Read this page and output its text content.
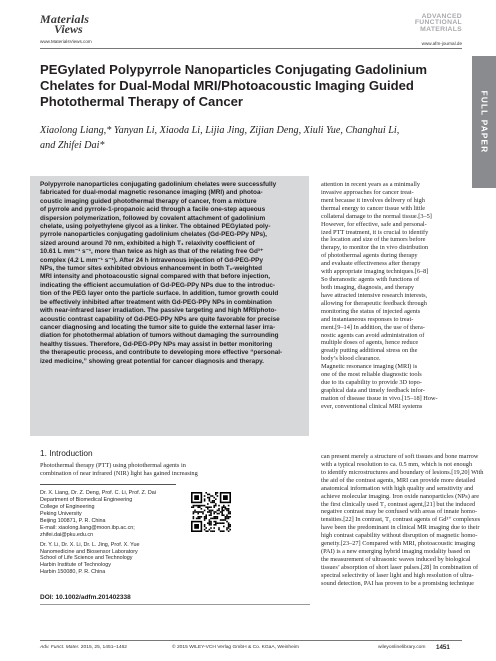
Materials
Views
www.MaterialsViews.com
ADVANCED
FUNCTIONAL
MATERIALS
www.afm-journal.de
FULL PAPER
PEGylated Polypyrrole Nanoparticles Conjugating Gadolinium Chelates for Dual-Modal MRI/Photoacoustic Imaging Guided Photothermal Therapy of Cancer
Xiaolong Liang,* Yanyan Li, Xiaoda Li, Lijia Jing, Zijian Deng, Xiuli Yue, Changhui Li,
and Zhifei Dai*
Polypyrrole nanoparticles conjugating gadolinium chelates were successfully
fabricated for dual-modal magnetic resonance imaging (MRI) and photoa-
coustic imaging guided photothermal therapy of cancer, from a mixture
of pyrrole and pyrrole-1-propanoic acid through a facile one-step aqueous
dispersion polymerization, followed by covalent attachment of gadolinium
chelate, using polyethylene glycol as a linker. The obtained PEGylated poly-
pyrrole nanoparticles conjugating gadolinium chelates (Gd-PEG-PPy NPs),
sized around around 70 nm, exhibited a high T₁ relaxivity coefficient of
10.61 L mm⁻¹ s⁻¹, more than twice as high as that of the relating free Gd³⁺
complex (4.2 L mm⁻¹ s⁻¹). After 24 h intravenous injection of Gd-PEG-PPy
NPs, the tumor sites exhibited obvious enhancement in both T₁-weighted
MRI intensity and photoacoustic signal compared with that before injection,
indicating the efficient accumulation of Gd-PEG-PPy NPs due to the introduc-
tion of the PEG layer onto the particle surface. In addition, tumor growth could
be effectively inhibited after treatment with Gd-PEG-PPy NPs in combination
with near-infrared laser irradiation. The passive targeting and high MRI/photo-
acoustic contrast capability of Gd-PEG-PPy NPs are quite favorable for precise
cancer diagnosing and locating the tumor site to guide the external laser irra-
diation for photothermal ablation of tumors without damaging the surrounding
healthy tissues. Therefore, Gd-PEG-PPy NPs may assist in better monitoring
the therapeutic process, and contribute to developing more effective “personal-
ized medicine,” showing great potential for cancer diagnosis and therapy.
attention in recent years as a minimally
invasive approaches for cancer treat-
ment because it involves delivery of high
thermal energy to cancer tissue with little
collateral damage to the normal tissue.[3–5]
However, for effective, safe and personal-
ized PTT treatment, it is crucial to identify
the location and size of the tumors before
therapy, to monitor the in vivo distribution
of photothermal agents during therapy
and evaluate effectiveness after therapy
with appropriate imaging techniques.[6–8]
So theranostic agents with functions of
both imaging, diagnosis, and therapy
have attracted intensive research interests,
allowing for therapeutic feedback through
monitoring the status of injected agents
and instantaneous responses to treat-
ment.[9–14] In addition, the use of thera-
nostic agents can avoid administration of
multiple doses of agents, hence reduce
greatly putting additional stress on the
body’s blood clearance.
Magnetic resonance imaging (MRI) is
one of the most reliable diagnostic tools
due to its capability to provide 3D topo-
graphical data and timely feedback infor-
mation of disease tissue in vivo.[15–18] How-
ever, conventional clinical MRI systems
1. Introduction
Photothermal therapy (PTT) using photothermal agents in
combination of near infrared (NIR) light has gained increasing
Dr. X. Liang, Dr. Z. Deng, Prof. C. Li, Prof. Z. Dai
Department of Biomedical Engineering
College of Engineering
Peking University
Beijing 100871, P. R. China
E-mail: xiaolong.liang@moon.ibp.ac.cn;
zhifei.dai@pku.edu.cn
Dr. Y. Li, Dr. X. Li, Dr. L. Jing, Prof. X. Yue
Nanomedicine and Biosensor Laboratory
School of Life Science and Technology
Harbin Institute of Technology
Harbin 150080, P. R. China
DOI: 10.1002/adfm.201402338
can present merely a structure of soft tissues and bone marrow
with a typical resolution to ca. 0.5 mm, which is not enough
to identify microstructures and boundary of lesions.[19,20] With
the aid of the contrast agents, MRI can provide more detailed
anatomical information with high quality and sensitivity and
achieve molecular imaging. Iron oxide nanoparticles (NPs) are
the first clinically used T₂ contrast agent,[21] but the induced
negative contrast may be confused with areas of innate homo-
tensities.[22] In contrast, T₁ contrast agents of Gd³⁺ complexes
have been the predominant in clinical MR imaging due to their
high contrast capability without disruption of magnetic homo-
geneity.[23–27] Compared with MRI, photoacoustic imaging
(PAI) is a new emerging hybrid imaging modality based on
the measurement of ultrasonic waves induced by biological
tissues’ absorption of short laser pulses.[28] In combination of
spectral selectivity of laser light and high resolution of ultra-
sound detection, PAI has proven to be a promising technique
Adv. Funct. Mater. 2015, 25, 1451–1462	© 2015 WILEY-VCH Verlag GmbH & Co. KGaA, Weinheim	wileyonlinelibrary.com 1451
